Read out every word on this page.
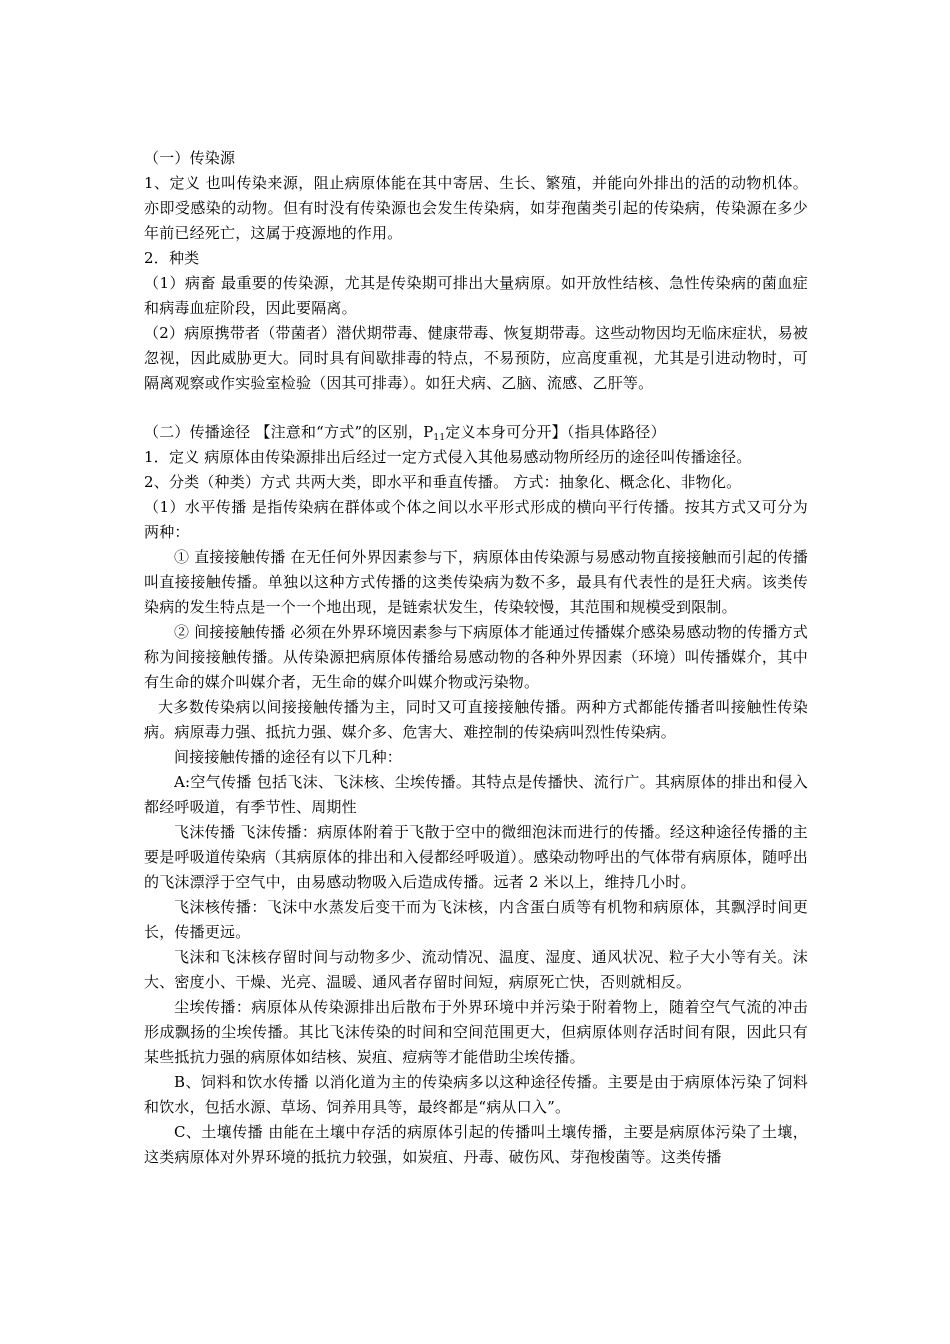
（一）传染源

1、定义 也叫传染来源，阻止病原体能在其中寄居、生长、繁殖，并能向外排出的活的动物机体。亦即受感染的动物。但有时没有传染源也会发生传染病，如芽孢菌类引起的传染病，传染源在多少年前已经死亡，这属于疫源地的作用。

2．种类

（1）病畜 最重要的传染源，尤其是传染期可排出大量病原。如开放性结核、急性传染病的菌血症和病毒血症阶段，因此要隔离。

（2）病原携带者（带菌者）潜伏期带毒、健康带毒、恢复期带毒。这些动物因均无临床症状，易被忽视，因此威胁更大。同时具有间歇排毒的特点，不易预防，应高度重视，尤其是引进动物时，可隔离观察或作实验室检验（因其可排毒）。如狂犬病、乙脑、流感、乙肝等。

（二）传播途径 【注意和“方式”的区别，$P_{11}$定义本身可分开】（指具体路径）

1．定义 病原体由传染源排出后经过一定方式侵入其他易感动物所经历的途径叫传播途径。

2、分类（种类）方式 共两大类，即水平和垂直传播。 方式：抽象化、概念化、非物化。

（1）水平传播 是指传染病在群体或个体之间以水平形式形成的横向平行传播。按其方式又可分为两种：

① 直接接触传播 在无任何外界因素参与下，病原体由传染源与易感动物直接接触而引起的传播叫直接接触传播。单独以这种方式传播的这类传染病为数不多，最具有代表性的是狂犬病。该类传染病的发生特点是一个一个地出现，是链索状发生，传染较慢，其范围和规模受到限制。

② 间接接触传播 必须在外界环境因素参与下病原体才能通过传播媒介感染易感动物的传播方式称为间接接触传播。从传染源把病原体传播给易感动物的各种外界因素（环境）叫传播媒介，其中有生命的媒介叫媒介者，无生命的媒介叫媒介物或污染物。

大多数传染病以间接接触传播为主，同时又可直接接触传播。两种方式都能传播者叫接触性传染病。病原毒力强、抵抗力强、媒介多、危害大、难控制的传染病叫烈性传染病。

间接接触传播的途径有以下几种：

A:空气传播 包括飞沫、飞沫核、尘埃传播。其特点是传播快、流行广。其病原体的排出和侵入都经呼吸道，有季节性、周期性

飞沫传播 飞沫传播：病原体附着于飞散于空中的微细泡沫而进行的传播。经这种途径传播的主要是呼吸道传染病（其病原体的排出和入侵都经呼吸道）。感染动物呼出的气体带有病原体，随呼出的飞沫漂浮于空气中，由易感动物吸入后造成传播。远者 2 米以上，维持几小时。

飞沫核传播：飞沫中水蒸发后变干而为飞沫核，内含蛋白质等有机物和病原体，其飘浮时间更长，传播更远。

飞沫和飞沫核存留时间与动物多少、流动情况、温度、湿度、通风状况、粒子大小等有关。沫大、密度小、干燥、光亮、温暖、通风者存留时间短，病原死亡快，否则就相反。

尘埃传播：病原体从传染源排出后散布于外界环境中并污染于附着物上，随着空气气流的冲击形成飘扬的尘埃传播。其比飞沫传染的时间和空间范围更大，但病原体则存活时间有限，因此只有某些抵抗力强的病原体如结核、炭疽、痘病等才能借助尘埃传播。

B、饲料和饮水传播 以消化道为主的传染病多以这种途径传播。主要是由于病原体污染了饲料和饮水，包括水源、草场、饲养用具等，最终都是“病从口入”。

C、土壤传播 由能在土壤中存活的病原体引起的传播叫土壤传播，主要是病原体污染了土壤，这类病原体对外界环境的抵抗力较强，如炭疽、丹毒、破伤风、芽孢梭菌等。这类传播
